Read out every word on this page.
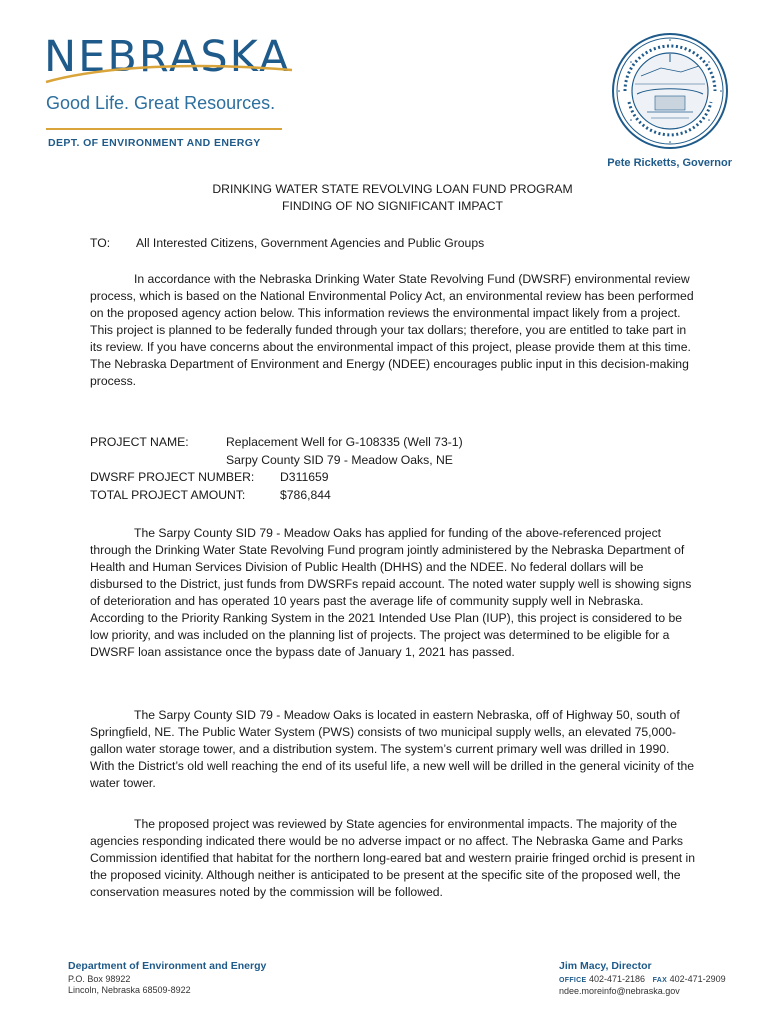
NEBRASKA
Good Life. Great Resources.
DEPT. OF ENVIRONMENT AND ENERGY
Pete Ricketts, Governor
DRINKING WATER STATE REVOLVING LOAN FUND PROGRAM
FINDING OF NO SIGNIFICANT IMPACT
TO: All Interested Citizens, Government Agencies and Public Groups
In accordance with the Nebraska Drinking Water State Revolving Fund (DWSRF) environmental review process, which is based on the National Environmental Policy Act, an environmental review has been performed on the proposed agency action below. This information reviews the environmental impact likely from a project. This project is planned to be federally funded through your tax dollars; therefore, you are entitled to take part in its review. If you have concerns about the environmental impact of this project, please provide them at this time. The Nebraska Department of Environment and Energy (NDEE) encourages public input in this decision-making process.
PROJECT NAME:	Replacement Well for G-108335 (Well 73-1)
Sarpy County SID 79 - Meadow Oaks, NE
DWSRF PROJECT NUMBER: D311659
TOTAL PROJECT AMOUNT:	$786,844
The Sarpy County SID 79 - Meadow Oaks has applied for funding of the above-referenced project through the Drinking Water State Revolving Fund program jointly administered by the Nebraska Department of Health and Human Services Division of Public Health (DHHS) and the NDEE. No federal dollars will be disbursed to the District, just funds from DWSRFs repaid account. The noted water supply well is showing signs of deterioration and has operated 10 years past the average life of community supply well in Nebraska. According to the Priority Ranking System in the 2021 Intended Use Plan (IUP), this project is considered to be low priority, and was included on the planning list of projects. The project was determined to be eligible for a DWSRF loan assistance once the bypass date of January 1, 2021 has passed.
The Sarpy County SID 79 - Meadow Oaks is located in eastern Nebraska, off of Highway 50, south of Springfield, NE. The Public Water System (PWS) consists of two municipal supply wells, an elevated 75,000-gallon water storage tower, and a distribution system. The system’s current primary well was drilled in 1990. With the District’s old well reaching the end of its useful life, a new well will be drilled in the general vicinity of the water tower.
The proposed project was reviewed by State agencies for environmental impacts. The majority of the agencies responding indicated there would be no adverse impact or no affect. The Nebraska Game and Parks Commission identified that habitat for the northern long-eared bat and western prairie fringed orchid is present in the proposed vicinity. Although neither is anticipated to be present at the specific site of the proposed well, the conservation measures noted by the commission will be followed.
Department of Environment and Energy
P.O. Box 98922
Lincoln, Nebraska 68509-8922
Jim Macy, Director
OFFICE 402-471-2186 FAX 402-471-2909
ndee.moreinfo@nebraska.gov
